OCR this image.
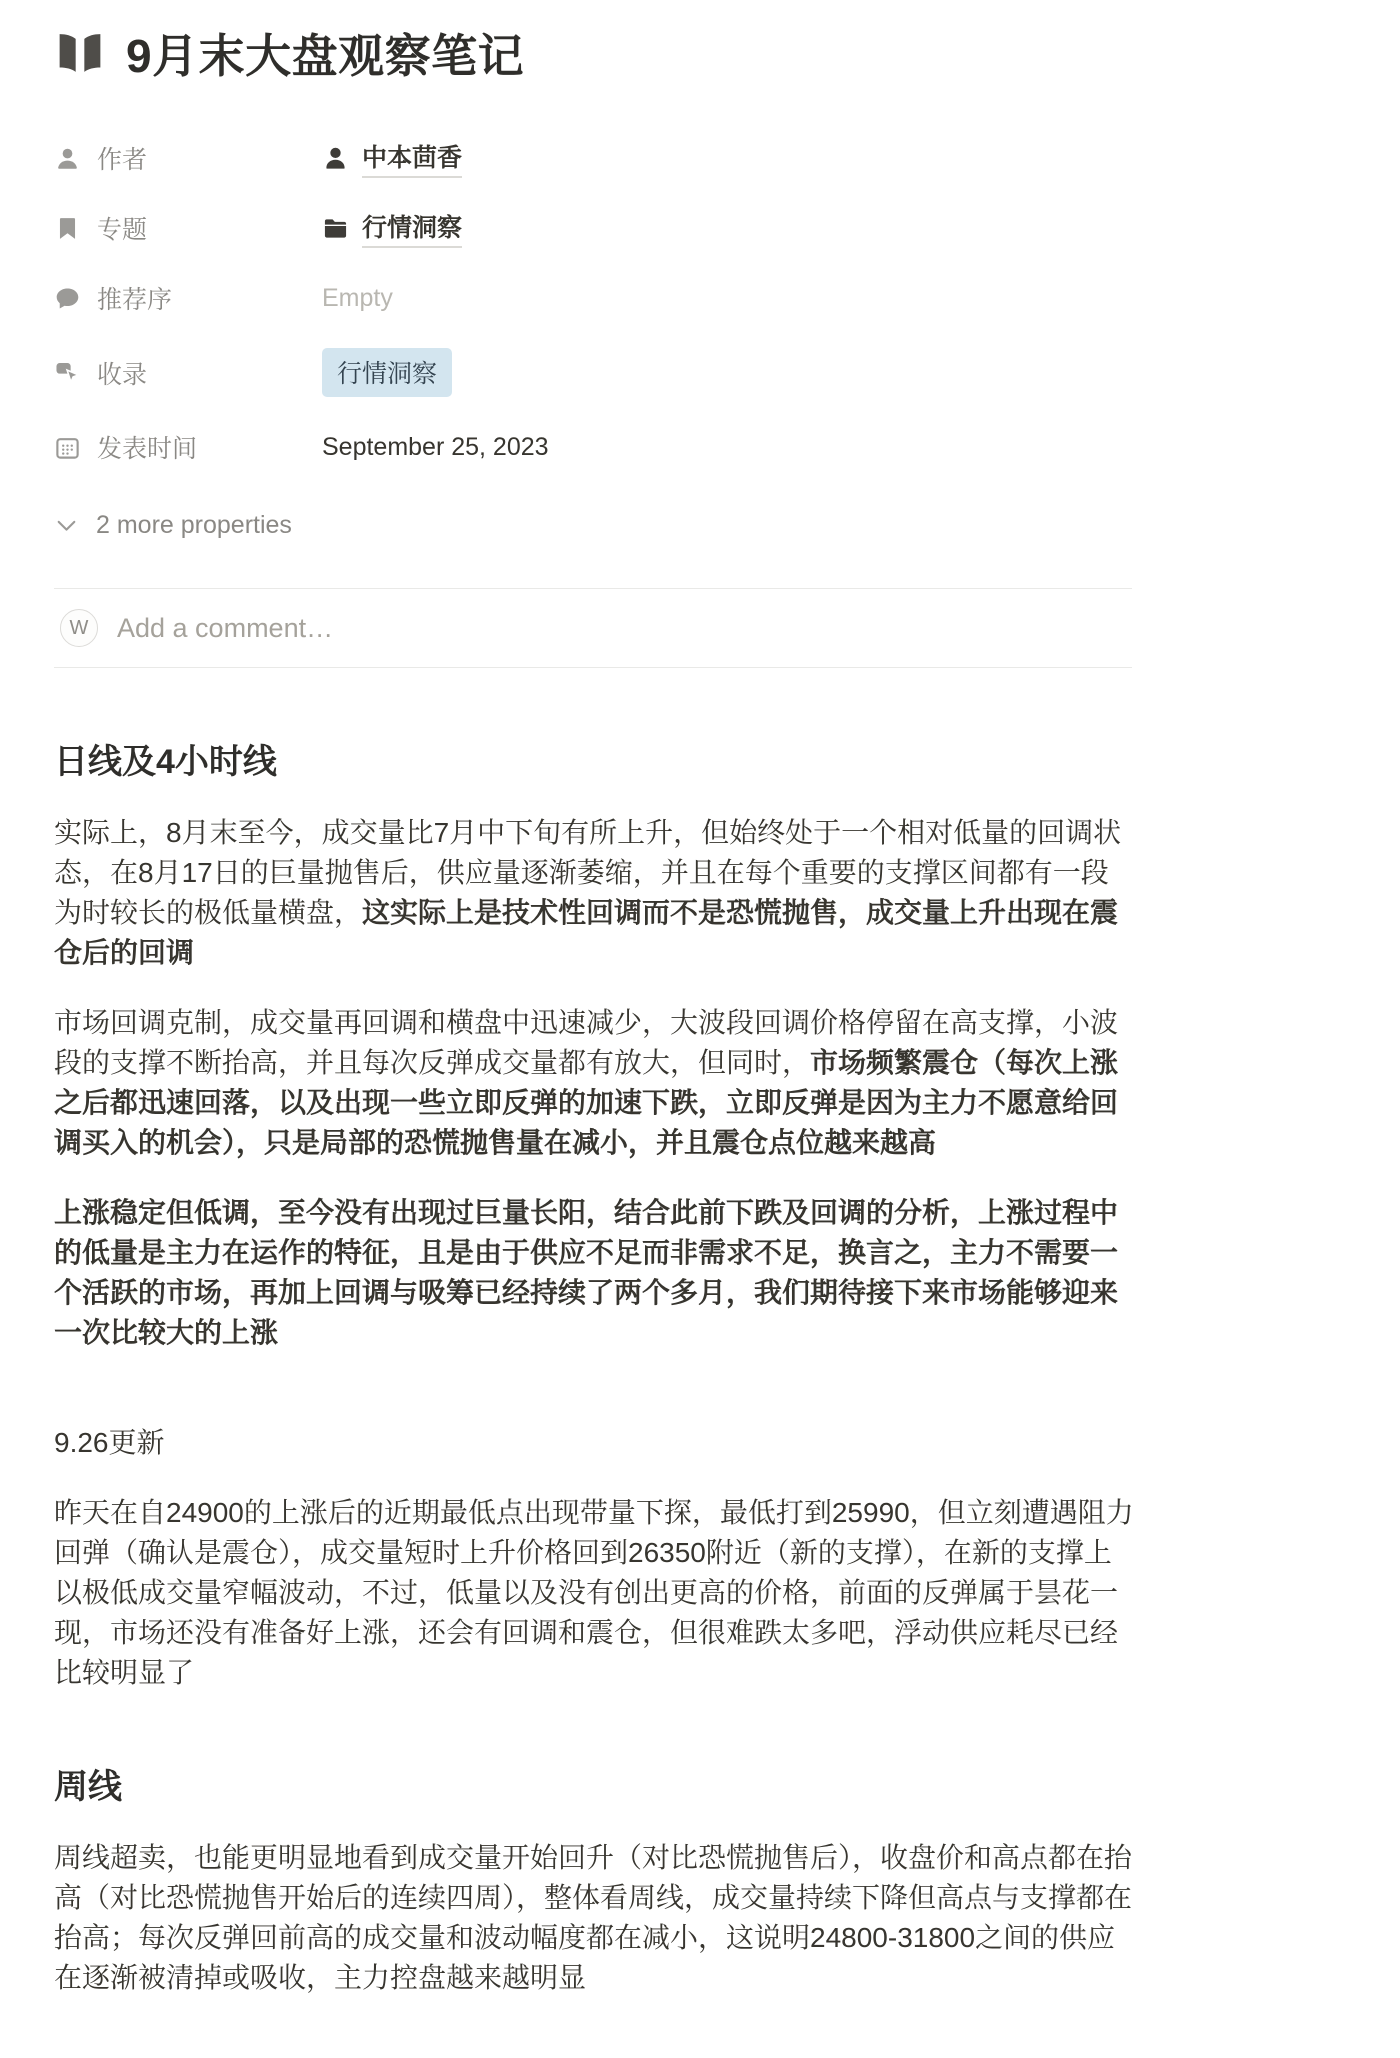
9月末大盘观察笔记
作者	中本茴香
专题	行情洞察
推荐序	Empty
收录	行情洞察
发表时间	September 25, 2023
2 more properties
W	Add a comment…
日线及4小时线

实际上，8月末至今，成交量比7月中下旬有所上升，但始终处于一个相对低量的回调状态，在8月17日的巨量抛售后，供应量逐渐萎缩，并且在每个重要的支撑区间都有一段为时较长的极低量横盘，这实际上是技术性回调而不是恐慌抛售，成交量上升出现在震仓后的回调

市场回调克制，成交量再回调和横盘中迅速减少，大波段回调价格停留在高支撑，小波段的支撑不断抬高，并且每次反弹成交量都有放大，但同时，市场频繁震仓（每次上涨之后都迅速回落，以及出现一些立即反弹的加速下跌，立即反弹是因为主力不愿意给回调买入的机会），只是局部的恐慌抛售量在减小，并且震仓点位越来越高

上涨稳定但低调，至今没有出现过巨量长阳，结合此前下跌及回调的分析，上涨过程中的低量是主力在运作的特征，且是由于供应不足而非需求不足，换言之，主力不需要一个活跃的市场，再加上回调与吸筹已经持续了两个多月，我们期待接下来市场能够迎来一次比较大的上涨

9.26更新

昨天在自24900的上涨后的近期最低点出现带量下探，最低打到25990，但立刻遭遇阻力回弹（确认是震仓），成交量短时上升价格回到26350附近（新的支撑），在新的支撑上以极低成交量窄幅波动，不过，低量以及没有创出更高的价格，前面的反弹属于昙花一现，市场还没有准备好上涨，还会有回调和震仓，但很难跌太多吧，浮动供应耗尽已经比较明显了

周线

周线超卖，也能更明显地看到成交量开始回升（对比恐慌抛售后），收盘价和高点都在抬高（对比恐慌抛售开始后的连续四周），整体看周线，成交量持续下降但高点与支撑都在抬高；每次反弹回前高的成交量和波动幅度都在减小，这说明24800-31800之间的供应在逐渐被清掉或吸收，主力控盘越来越明显
